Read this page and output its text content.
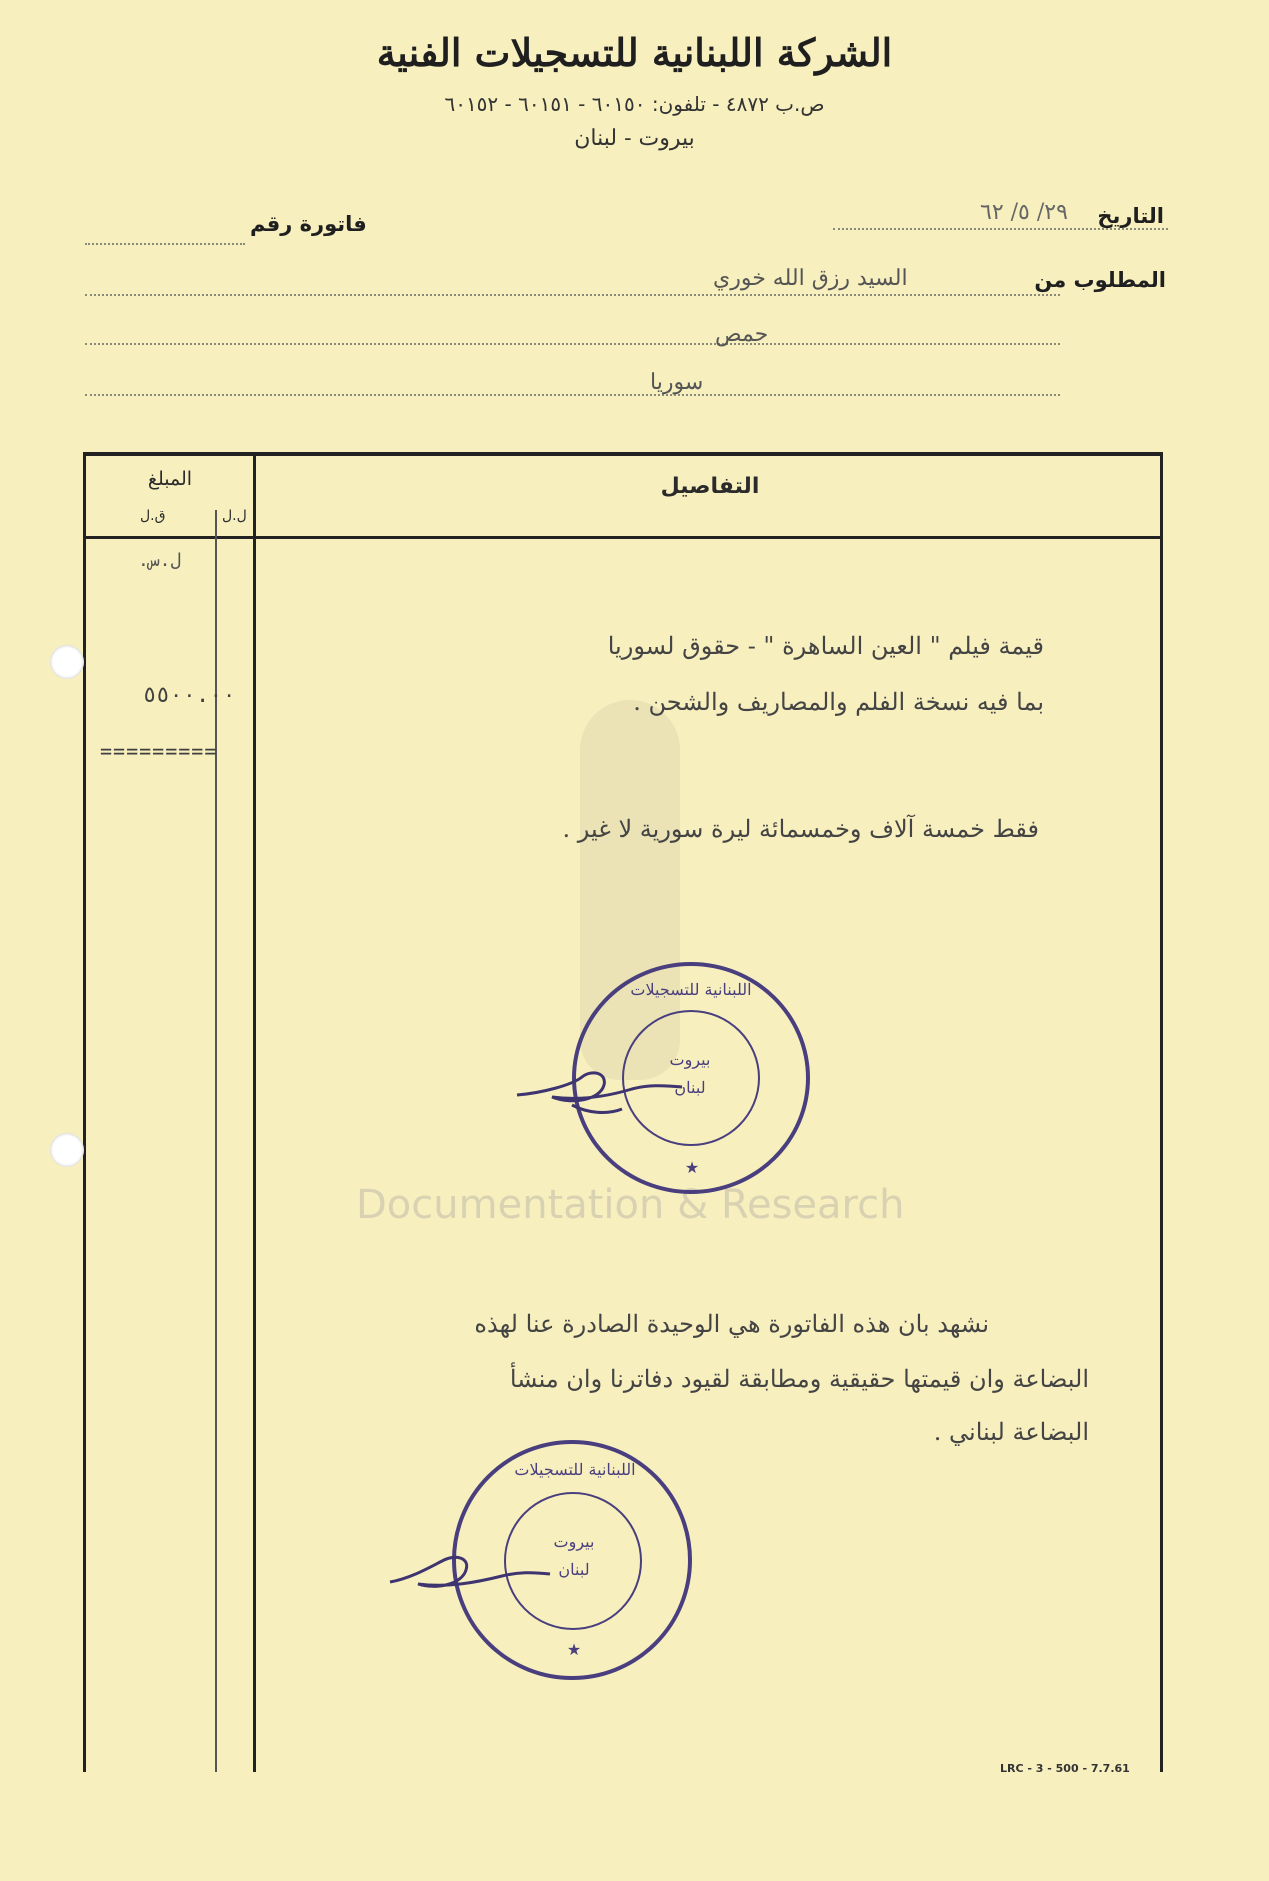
الشركة اللبنانية للتسجيلات الفنية
ص.ب ٤٨٧٢ - تلفون: ٦٠١٥٠ - ٦٠١٥١ - ٦٠١٥٢
بيروت - لبنان
التاريخ
٢٩/ ٥/ ٦٢
فاتورة رقم
المطلوب من
السيد رزق الله خوري
حمص
سوريا
التفاصيل
المبلغ
ق.ل	ل.ل
ل.س.
٥٥٠٠.٠٠
=========
Documentation & Research
قيمة فيلم " العين الساهرة " - حقوق لسوريا
بما فيه نسخة الفلم والمصاريف والشحن .
فقط خمسة آلاف وخمسمائة ليرة سورية لا غير .
اللبنانية للتسجيلات
بيروت
لبنان
★
نشهد بان هذه الفاتورة هي الوحيدة الصادرة عنا لهذه
البضاعة وان قيمتها حقيقية ومطابقة لقيود دفاترنا وان منشأ
البضاعة لبناني .
اللبنانية للتسجيلات
بيروت
لبنان
★
LRC - 3 - 500 - 7.7.61
